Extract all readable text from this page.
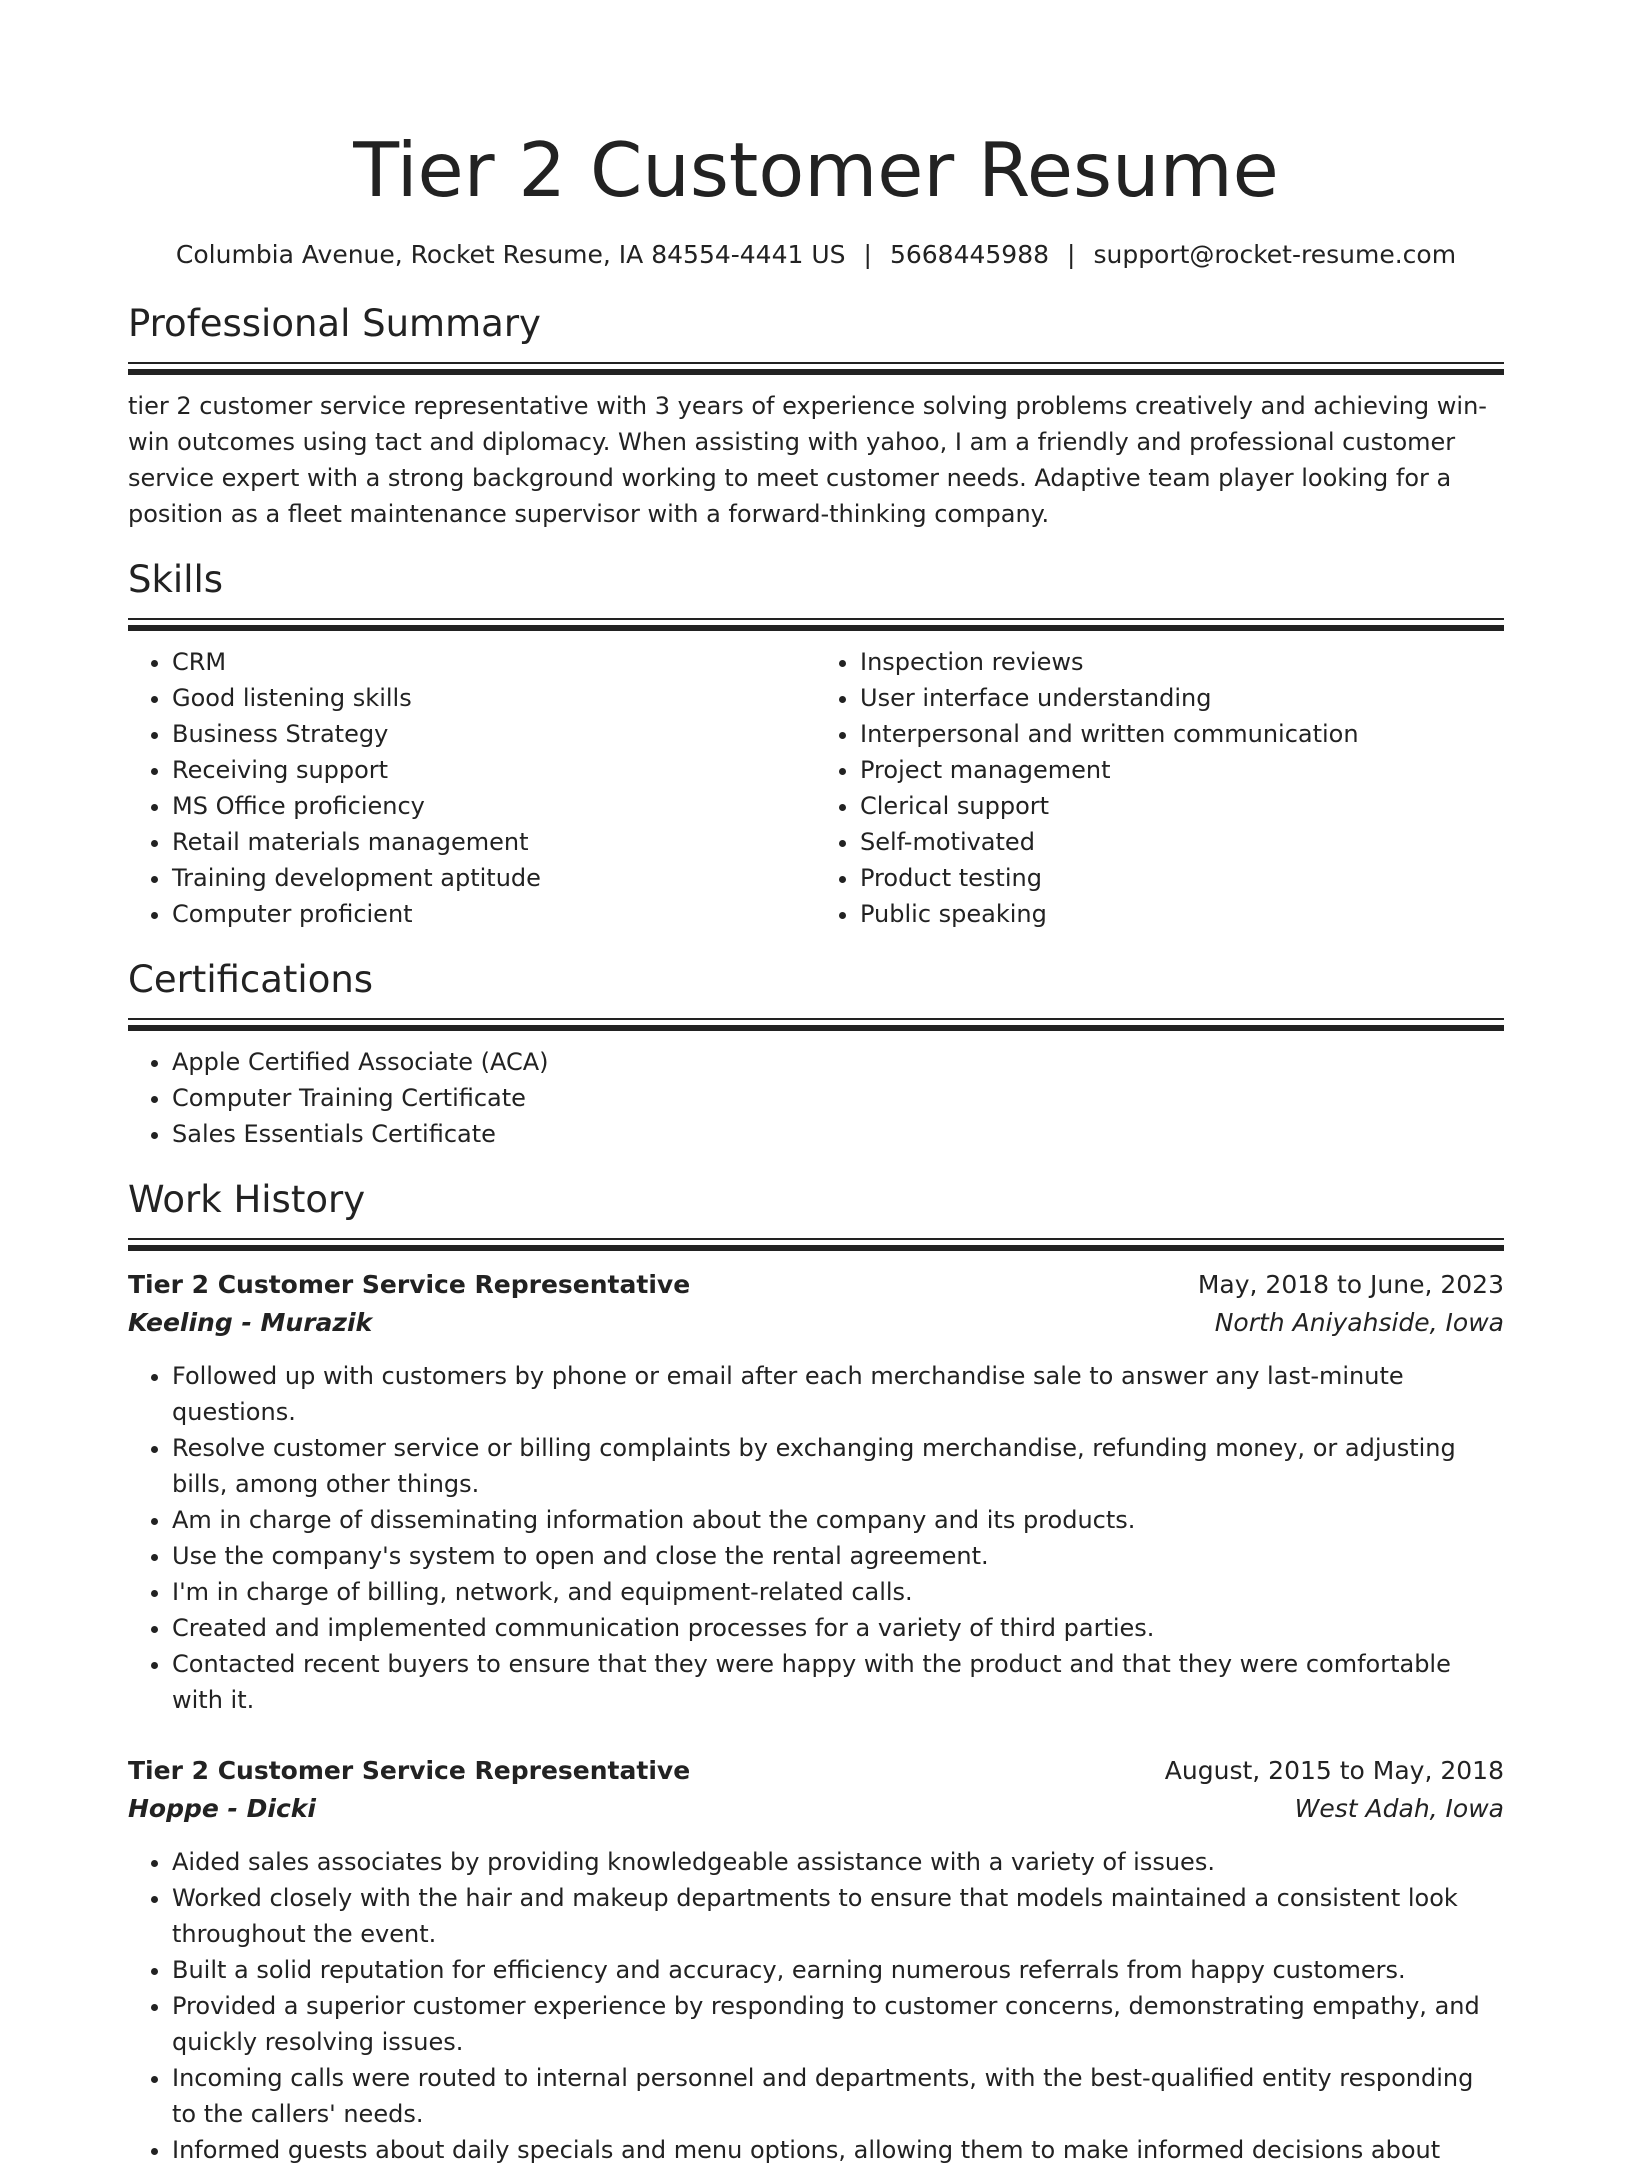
Tier 2 Customer Resume
Columbia Avenue, Rocket Resume, IA 84554-4441 US | 5668445988 | support@rocket-resume.com
Professional Summary

tier 2 customer service representative with 3 years of experience solving problems creatively and achieving win-win outcomes using tact and diplomacy. When assisting with yahoo, I am a friendly and professional customer service expert with a strong background working to meet customer needs. Adaptive team player looking for a position as a fleet maintenance supervisor with a forward-thinking company.

Skills
• CRM
• Good listening skills
• Business Strategy
• Receiving support
• MS Office proficiency
• Retail materials management
• Training development aptitude
• Computer proficient
• Inspection reviews
• User interface understanding
• Interpersonal and written communication
• Project management
• Clerical support
• Self-motivated
• Product testing
• Public speaking
Certifications
• Apple Certified Associate (ACA)
• Computer Training Certificate
• Sales Essentials Certificate
Work History
Tier 2 Customer Service Representative	May, 2018 to June, 2023
Keeling - Murazik	North Aniyahside, Iowa
• Followed up with customers by phone or email after each merchandise sale to answer any last-minute questions.
• Resolve customer service or billing complaints by exchanging merchandise, refunding money, or adjusting bills, among other things.
• Am in charge of disseminating information about the company and its products.
• Use the company's system to open and close the rental agreement.
• I'm in charge of billing, network, and equipment-related calls.
• Created and implemented communication processes for a variety of third parties.
• Contacted recent buyers to ensure that they were happy with the product and that they were comfortable with it.
Tier 2 Customer Service Representative	August, 2015 to May, 2018
Hoppe - Dicki	West Adah, Iowa
• Aided sales associates by providing knowledgeable assistance with a variety of issues.
• Worked closely with the hair and makeup departments to ensure that models maintained a consistent look throughout the event.
• Built a solid reputation for efficiency and accuracy, earning numerous referrals from happy customers.
• Provided a superior customer experience by responding to customer concerns, demonstrating empathy, and quickly resolving issues.
• Incoming calls were routed to internal personnel and departments, with the best-qualified entity responding to the callers' needs.
• Informed guests about daily specials and menu options, allowing them to make informed decisions about
